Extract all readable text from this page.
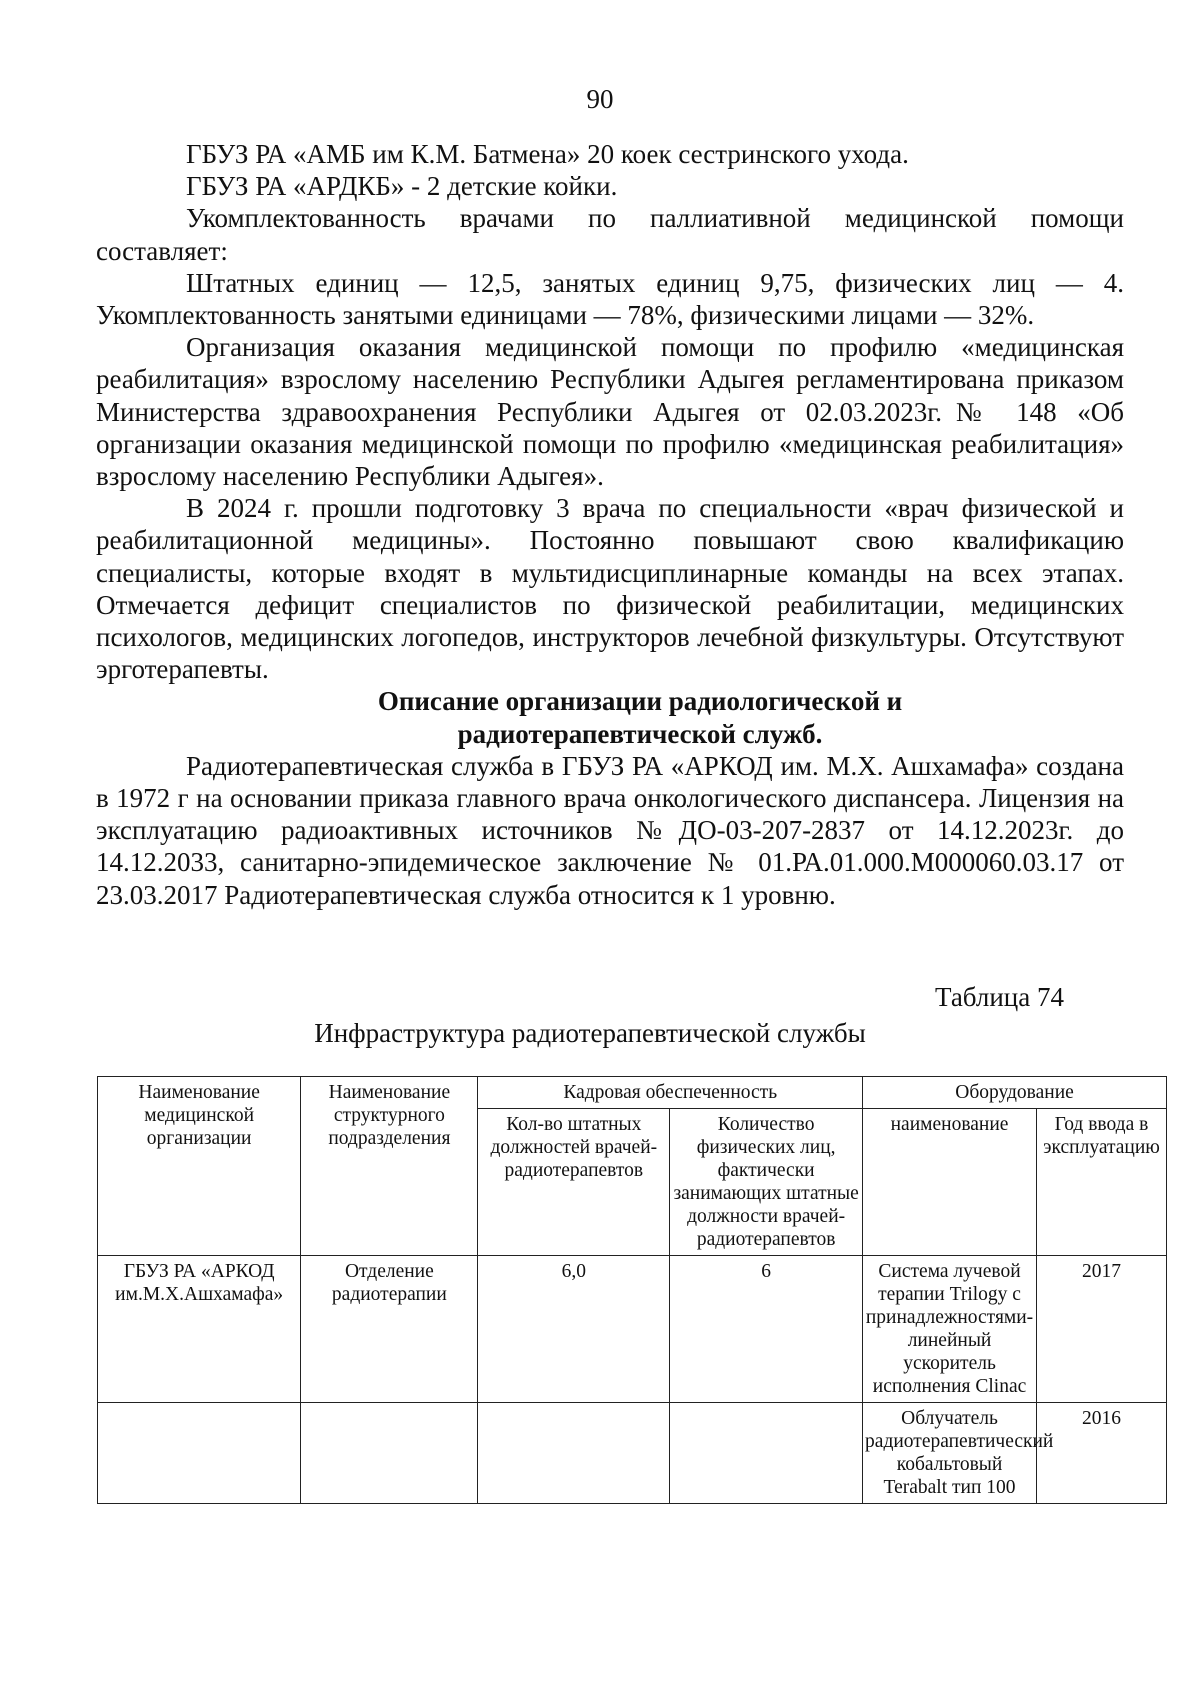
90

ГБУЗ РА «АМБ им К.М. Батмена» 20 коек сестринского ухода.

ГБУЗ РА «АРДКБ» - 2 детские койки.

Укомплектованность врачами по паллиативной медицинской помощи составляет:

Штатных единиц — 12,5, занятых единиц 9,75, физических лиц — 4. Укомплектованность занятыми единицами — 78%, физическими лицами — 32%.

Организация оказания медицинской помощи по профилю «медицинская реабилитация» взрослому населению Республики Адыгея регламентирована приказом Министерства здравоохранения Республики Адыгея от 02.03.2023г.№ 148 «Об организации оказания медицинской помощи по профилю «медицинская реабилитация» взрослому населению Республики Адыгея».

В 2024 г. прошли подготовку 3 врача по специальности «врач физической и реабилитационной медицины». Постоянно повышают свою квалификацию специалисты, которые входят в мультидисциплинарные команды на всех этапах. Отмечается дефицит специалистов по физической реабилитации, медицинских психологов, медицинских логопедов, инструкторов лечебной физкультуры. Отсутствуют эрготерапевты.

Описание организации радиологической и

радиотерапевтической служб.

Радиотерапевтическая служба в ГБУЗ РА «АРКОД им. М.Х. Ашхамафа» создана в 1972 г на основании приказа главного врача онкологического диспансера. Лицензия на эксплуатацию радиоактивных источников №ДО-03-207-2837 от 14.12.2023г. до 14.12.2033, санитарно-эпидемическое заключение № 01.РА.01.000.М000060.03.17 от 23.03.2017 Радиотерапевтическая служба относится к 1 уровню.

Таблица 74
Инфраструктура радиотерапевтической службы
Наименование медицинской организации	Наименование структурного подразделения	Кадровая обеспеченность		Оборудование	
		Кол-во штатных должностей врачей-радиотерапевтов	Количество физических лиц, фактически занимающих штатные должности врачей-радиотерапевтов	наименование	Год ввода в эксплуатацию
ГБУЗ РА «АРКОД им.М.Х.Ашхамафа»	Отделение радиотерапии	6,0	6	Система лучевой терапии Trilogy с принадлежностями- линейный ускоритель исполнения Clinac	2017
				Облучатель радиотерапевтический кобальтовый Terabalt тип 100	2016
